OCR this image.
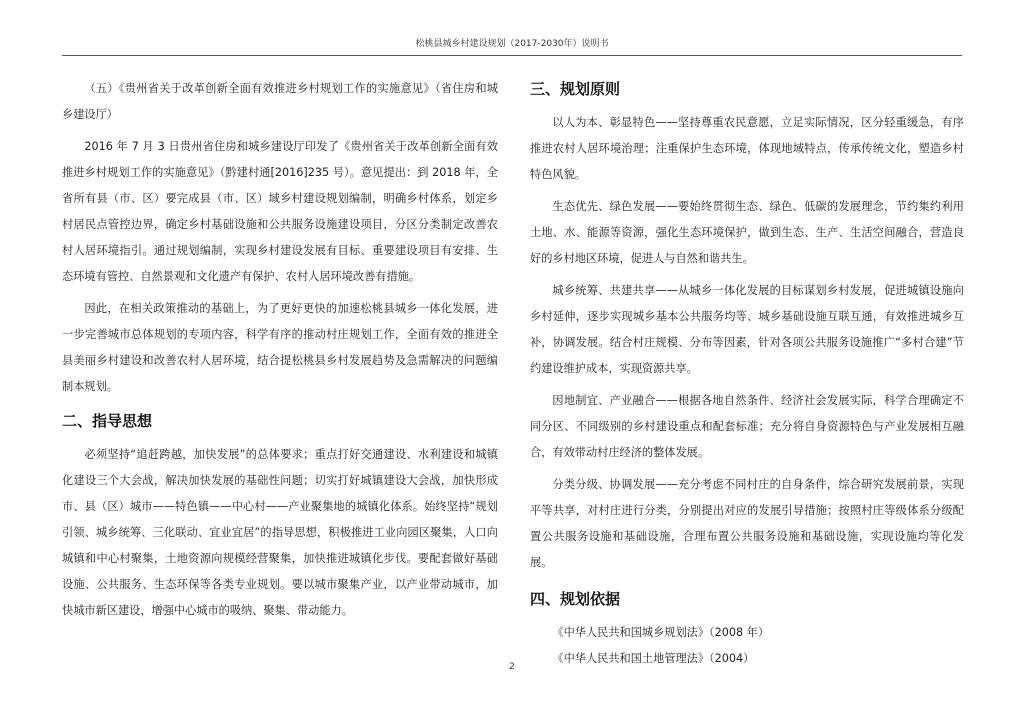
松桃县城乡村建设规划（2017-2030年）说明书

（五）《贵州省关于改革创新全面有效推进乡村规划工作的实施意见》（省住房和城乡建设厅）

2016 年 7 月 3 日贵州省住房和城乡建设厅印发了《贵州省关于改革创新全面有效推进乡村规划工作的实施意见》（黔建村通[2016]235 号）。意见提出：到 2018 年，全省所有县（市、区）要完成县（市、区）域乡村建设规划编制，明确乡村体系，划定乡村居民点管控边界，确定乡村基础设施和公共服务设施建设项目，分区分类制定改善农村人居环境指引。通过规划编制，实现乡村建设发展有目标、重要建设项目有安排、生态环境有管控、自然景观和文化遗产有保护、农村人居环境改善有措施。

因此，在相关政策推动的基础上，为了更好更快的加速松桃县城乡一体化发展，进一步完善城市总体规划的专项内容，科学有序的推动村庄规划工作，全面有效的推进全县美丽乡村建设和改善农村人居环境，结合提松桃县乡村发展趋势及急需解决的问题编制本规划。

二、指导思想

必须坚持“追赶跨越，加快发展”的总体要求；重点打好交通建设、水利建设和城镇化建设三个大会战，解决加快发展的基础性问题；切实打好城镇建设大会战，加快形成市、县（区）城市——特色镇——中心村——产业聚集地的城镇化体系。始终坚持“规划引领、城乡统筹、三化联动、宜业宜居”的指导思想，积极推进工业向园区聚集，人口向城镇和中心村聚集，土地资源向规模经营聚集，加快推进城镇化步伐。要配套做好基础设施、公共服务、生态环保等各类专业规划。要以城市聚集产业，以产业带动城市，加快城市新区建设，增强中心城市的吸纳、聚集、带动能力。

三、规划原则

以人为本、彰显特色——坚持尊重农民意愿，立足实际情况，区分轻重缓急，有序推进农村人居环境治理；注重保护生态环境，体现地域特点，传承传统文化，塑造乡村特色风貌。

生态优先、绿色发展——要始终贯彻生态、绿色、低碳的发展理念，节约集约利用土地、水、能源等资源，强化生态环境保护，做到生态、生产、生活空间融合，营造良好的乡村地区环境，促进人与自然和谐共生。

城乡统筹、共建共享——从城乡一体化发展的目标谋划乡村发展，促进城镇设施向乡村延伸，逐步实现城乡基本公共服务均等、城乡基础设施互联互通，有效推进城乡互补，协调发展。结合村庄规模、分布等因素，针对各项公共服务设施推广“多村合建”节约建设维护成本，实现资源共享。

因地制宜、产业融合——根据各地自然条件、经济社会发展实际，科学合理确定不同分区、不同级别的乡村建设重点和配套标准；充分将自身资源特色与产业发展相互融合，有效带动村庄经济的整体发展。

分类分级、协调发展——充分考虑不同村庄的自身条件，综合研究发展前景，实现平等共享，对村庄进行分类，分别提出对应的发展引导措施；按照村庄等级体系分级配置公共服务设施和基础设施，合理布置公共服务设施和基础设施，实现设施均等化发展。

四、规划依据

《中华人民共和国城乡规划法》（2008 年）

《中华人民共和国土地管理法》（2004）

2
